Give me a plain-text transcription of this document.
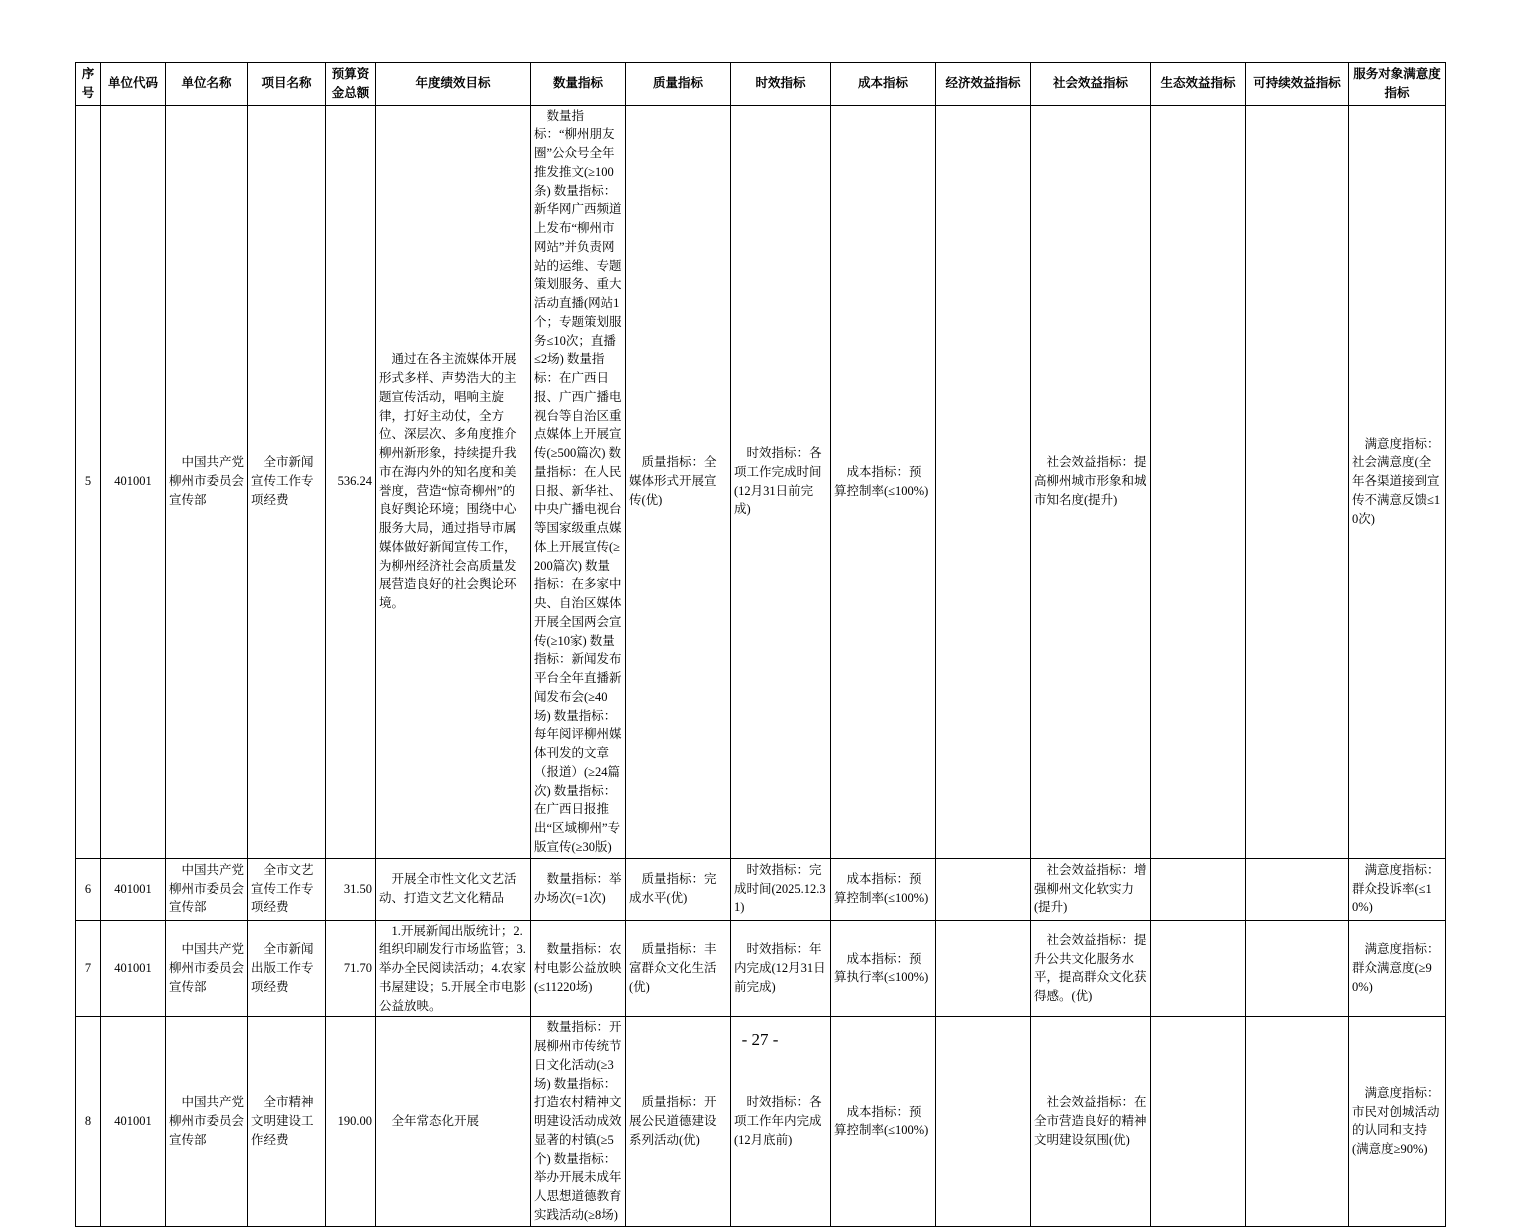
序号	单位代码	单位名称	项目名称	预算资金总额	年度绩效目标	数量指标	质量指标	时效指标	成本指标	经济效益指标	社会效益指标	生态效益指标	可持续效益指标	服务对象满意度指标
5	401001	中国共产党柳州市委员会宣传部	全市新闻宣传工作专项经费	536.24	通过在各主流媒体开展形式多样、声势浩大的主题宣传活动，唱响主旋律，打好主动仗，全方位、深层次、多角度推介柳州新形象，持续提升我市在海内外的知名度和美誉度，营造“惊奇柳州”的良好舆论环境；围绕中心服务大局，通过指导市属媒体做好新闻宣传工作，为柳州经济社会高质量发展营造良好的社会舆论环境。	数量指标：“柳州朋友圈”公众号全年推发推文(≥100条) 数量指标：新华网广西频道上发布“柳州市网站”并负责网站的运维、专题策划服务、重大活动直播(网站1个；专题策划服务≤10次；直播≤2场) 数量指标：在广西日报、广西广播电视台等自治区重点媒体上开展宣传(≥500篇次) 数量指标：在人民日报、新华社、中央广播电视台等国家级重点媒体上开展宣传(≥200篇次) 数量指标：在多家中央、自治区媒体开展全国两会宣传(≥10家) 数量指标：新闻发布平台全年直播新闻发布会(≥40场) 数量指标：每年阅评柳州媒体刊发的文章（报道）(≥24篇次) 数量指标：在广西日报推出“区域柳州”专版宣传(≥30版)	质量指标：全媒体形式开展宣传(优)	时效指标：各项工作完成时间(12月31日前完成)	成本指标：预算控制率(≤100%)		社会效益指标：提高柳州城市形象和城市知名度(提升)			满意度指标：社会满意度(全年各渠道接到宣传不满意反馈≤10次)
6	401001	中国共产党柳州市委员会宣传部	全市文艺宣传工作专项经费	31.50	开展全市性文化文艺活动、打造文艺文化精品	数量指标：举办场次(=1次)	质量指标：完成水平(优)	时效指标：完成时间(2025.12.31)	成本指标：预算控制率(≤100%)		社会效益指标：增强柳州文化软实力(提升)			满意度指标：群众投诉率(≤10%)
7	401001	中国共产党柳州市委员会宣传部	全市新闻出版工作专项经费	71.70	1.开展新闻出版统计；2.组织印刷发行市场监管；3.举办全民阅读活动；4.农家书屋建设；5.开展全市电影公益放映。	数量指标：农村电影公益放映(≤11220场)	质量指标：丰富群众文化生活(优)	时效指标：年内完成(12月31日前完成)	成本指标：预算执行率(≤100%)		社会效益指标：提升公共文化服务水平，提高群众文化获得感。(优)			满意度指标：群众满意度(≥90%)
8	401001	中国共产党柳州市委员会宣传部	全市精神文明建设工作经费	190.00	全年常态化开展	数量指标：开展柳州市传统节日文化活动(≥3场) 数量指标：打造农村精神文明建设活动成效显著的村镇(≥5个) 数量指标：举办开展未成年人思想道德教育实践活动(≥8场)	质量指标：开展公民道德建设系列活动(优)	时效指标：各项工作年内完成(12月底前)	成本指标：预算控制率(≤100%)		社会效益指标：在全市营造良好的精神文明建设氛围(优)			满意度指标：市民对创城活动的认同和支持(满意度≥90%)
- 27 -
